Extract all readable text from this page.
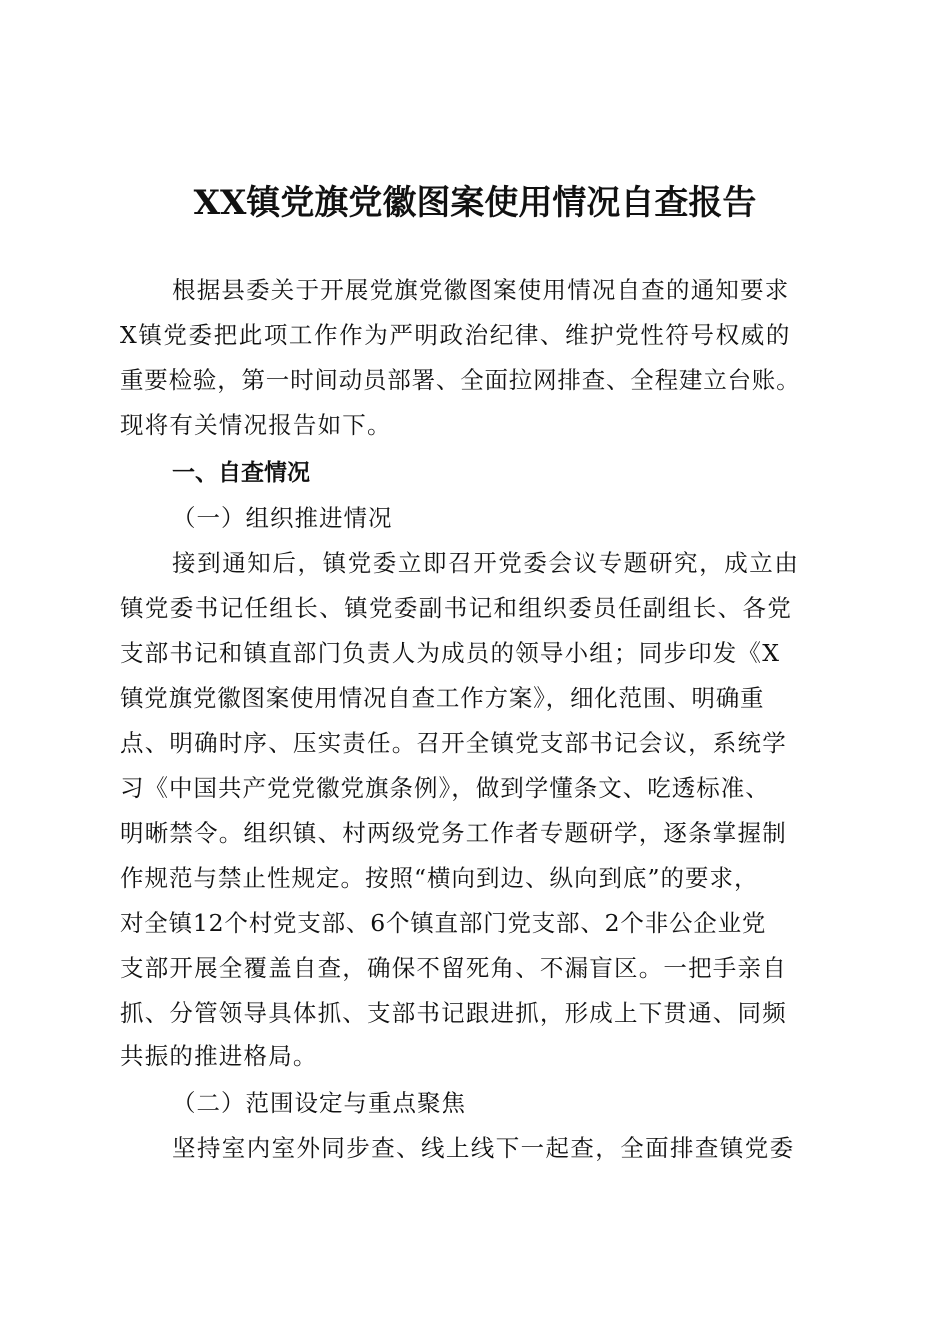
XX镇党旗党徽图案使用情况自查报告
根据县委关于开展党旗党徽图案使用情况自查的通知要求
X镇党委把此项工作作为严明政治纪律、维护党性符号权威的
重要检验，第一时间动员部署、全面拉网排查、全程建立台账。
现将有关情况报告如下。
一、自查情况
（一）组织推进情况
接到通知后，镇党委立即召开党委会议专题研究，成立由
镇党委书记任组长、镇党委副书记和组织委员任副组长、各党
支部书记和镇直部门负责人为成员的领导小组；同步印发《X
镇党旗党徽图案使用情况自查工作方案》，细化范围、明确重
点、明确时序、压实责任。召开全镇党支部书记会议，系统学
习《中国共产党党徽党旗条例》，做到学懂条文、吃透标准、
明晰禁令。组织镇、村两级党务工作者专题研学，逐条掌握制
作规范与禁止性规定。按照“横向到边、纵向到底”的要求，
对全镇12个村党支部、6个镇直部门党支部、2个非公企业党
支部开展全覆盖自查，确保不留死角、不漏盲区。一把手亲自
抓、分管领导具体抓、支部书记跟进抓，形成上下贯通、同频
共振的推进格局。
（二）范围设定与重点聚焦
坚持室内室外同步查、线上线下一起查，全面排查镇党委
